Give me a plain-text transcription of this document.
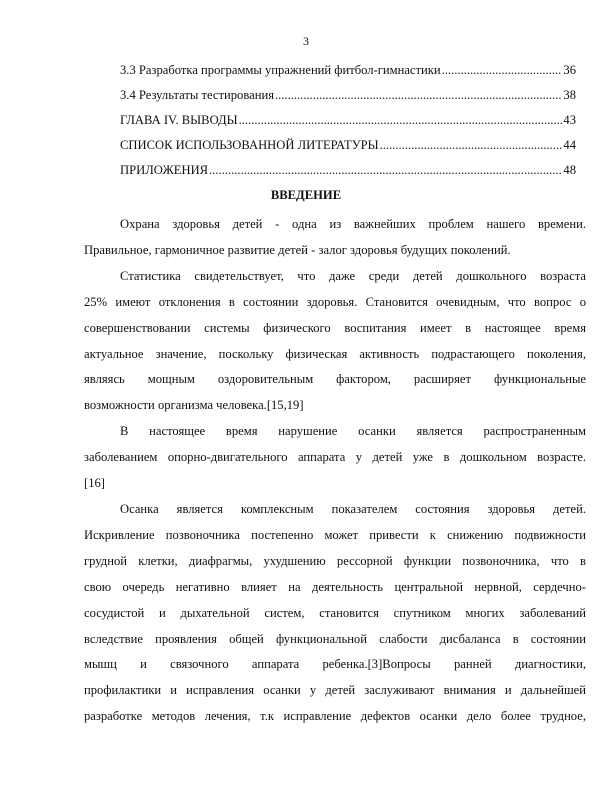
3
3.3 Разработка программы упражнений фитбол-гимнастики .....	36
3.4 Результаты тестирования .....	38
ГЛАВА IV. ВЫВОДЫ .....	43
СПИСОК ИСПОЛЬЗОВАННОЙ ЛИТЕРАТУРЫ .....	44
ПРИЛОЖЕНИЯ .....	48
ВВЕДЕНИЕ
Охрана здоровья детей - одна из важнейших проблем нашего времени.
Правильное, гармоничное развитие детей - залог здоровья будущих поколений.
Статистика свидетельствует, что даже среди детей дошкольного возраста
25% имеют отклонения в состоянии здоровья. Становится очевидным, что вопрос о
совершенствовании системы физического воспитания имеет в настоящее время
актуальное значение, поскольку физическая активность подрастающего поколения,
являясь мощным оздоровительным фактором, расширяет функциональные
возможности организма человека.[15,19]
В настоящее время нарушение осанки является распространенным
заболеванием опорно-двигательного аппарата у детей уже в дошкольном возрасте.
[16]
Осанка является комплексным показателем состояния здоровья детей.
Искривление позвоночника постепенно может привести к снижению подвижности
грудной клетки, диафрагмы, ухудшению рессорной функции позвоночника, что в
свою очередь негативно влияет на деятельность центральной нервной, сердечно-
сосудистой и дыхательной систем, становится спутником многих заболеваний
вследствие проявления общей функциональной слабости дисбаланса в состоянии
мышц и связочного аппарата ребенка.[3]Вопросы ранней диагностики,
профилактики и исправления осанки у детей заслуживают внимания и дальнейшей
разработке методов лечения, т.к исправление дефектов осанки дело более трудное,
